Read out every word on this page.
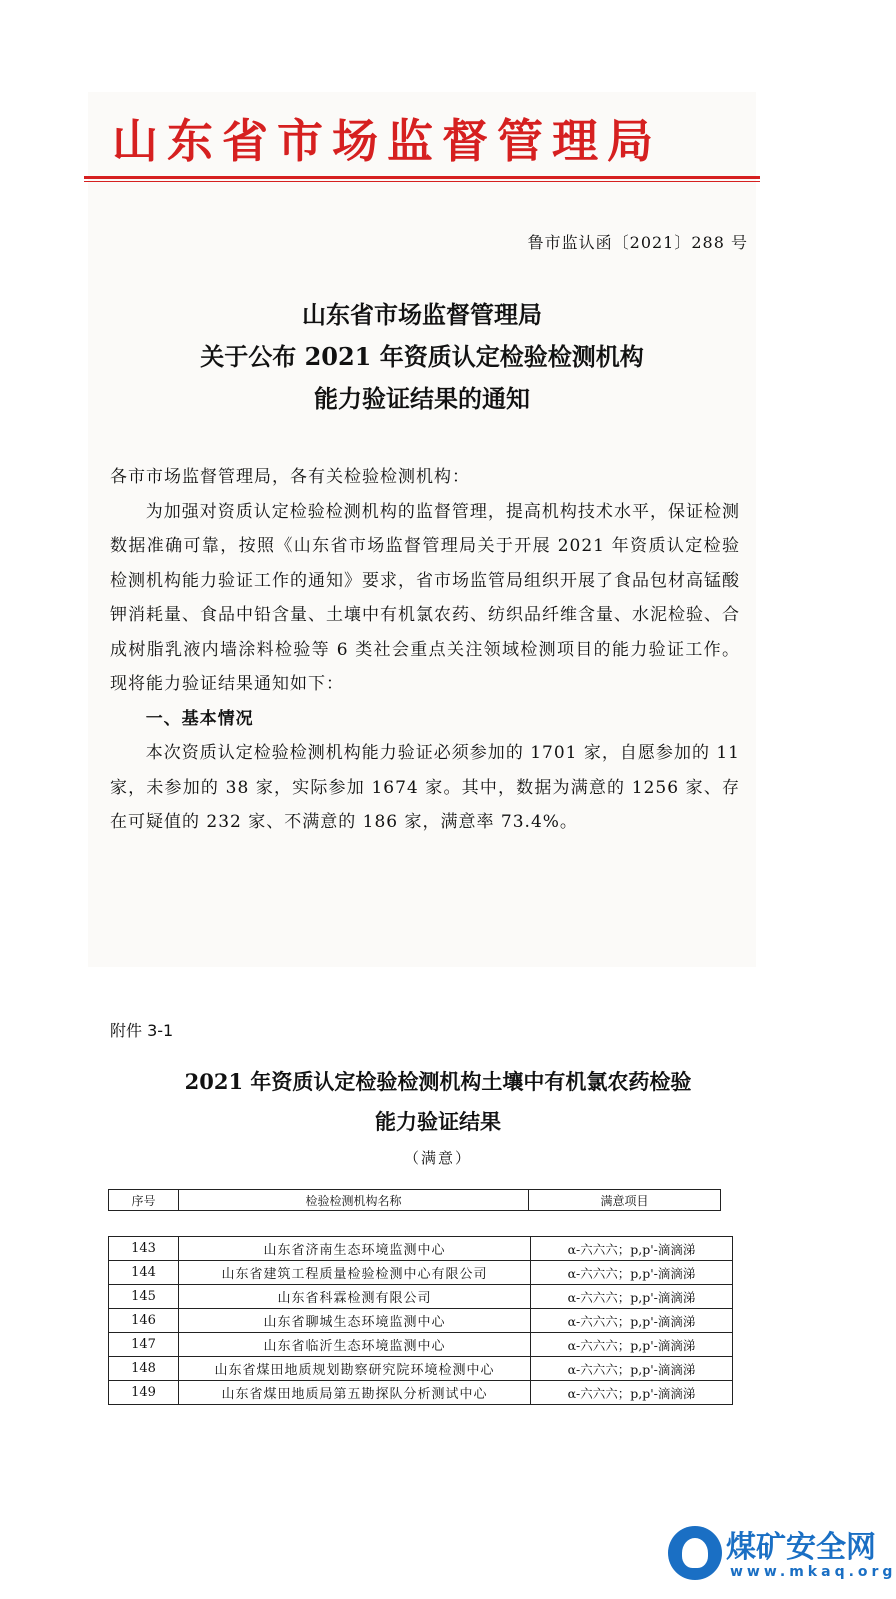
山东省市场监督管理局
鲁市监认函〔2021〕288 号
山东省市场监督管理局
关于公布 2021 年资质认定检验检测机构
能力验证结果的通知

各市市场监督管理局，各有关检验检测机构：

为加强对资质认定检验检测机构的监督管理，提高机构技术水平，保证检测数据准确可靠，按照《山东省市场监督管理局关于开展 2021 年资质认定检验检测机构能力验证工作的通知》要求，省市场监管局组织开展了食品包材高锰酸钾消耗量、食品中铅含量、土壤中有机氯农药、纺织品纤维含量、水泥检验、合成树脂乳液内墙涂料检验等 6 类社会重点关注领域检测项目的能力验证工作。现将能力验证结果通知如下：

一、基本情况

本次资质认定检验检测机构能力验证必须参加的 1701 家，自愿参加的 11 家，未参加的 38 家，实际参加 1674 家。其中，数据为满意的 1256 家、存在可疑值的 232 家、不满意的 186 家，满意率 73.4%。

附件 3-1
2021 年资质认定检验检测机构土壤中有机氯农药检验
能力验证结果
（满意）
序号	检验检测机构名称	满意项目
143	山东省济南生态环境监测中心	α-六六六；p,p'-滴滴涕
144	山东省建筑工程质量检验检测中心有限公司	α-六六六；p,p'-滴滴涕
145	山东省科霖检测有限公司	α-六六六；p,p'-滴滴涕
146	山东省聊城生态环境监测中心	α-六六六；p,p'-滴滴涕
147	山东省临沂生态环境监测中心	α-六六六；p,p'-滴滴涕
148	山东省煤田地质规划勘察研究院环境检测中心	α-六六六；p,p'-滴滴涕
149	山东省煤田地质局第五勘探队分析测试中心	α-六六六；p,p'-滴滴涕
煤矿安全网
www.mkaq.org
